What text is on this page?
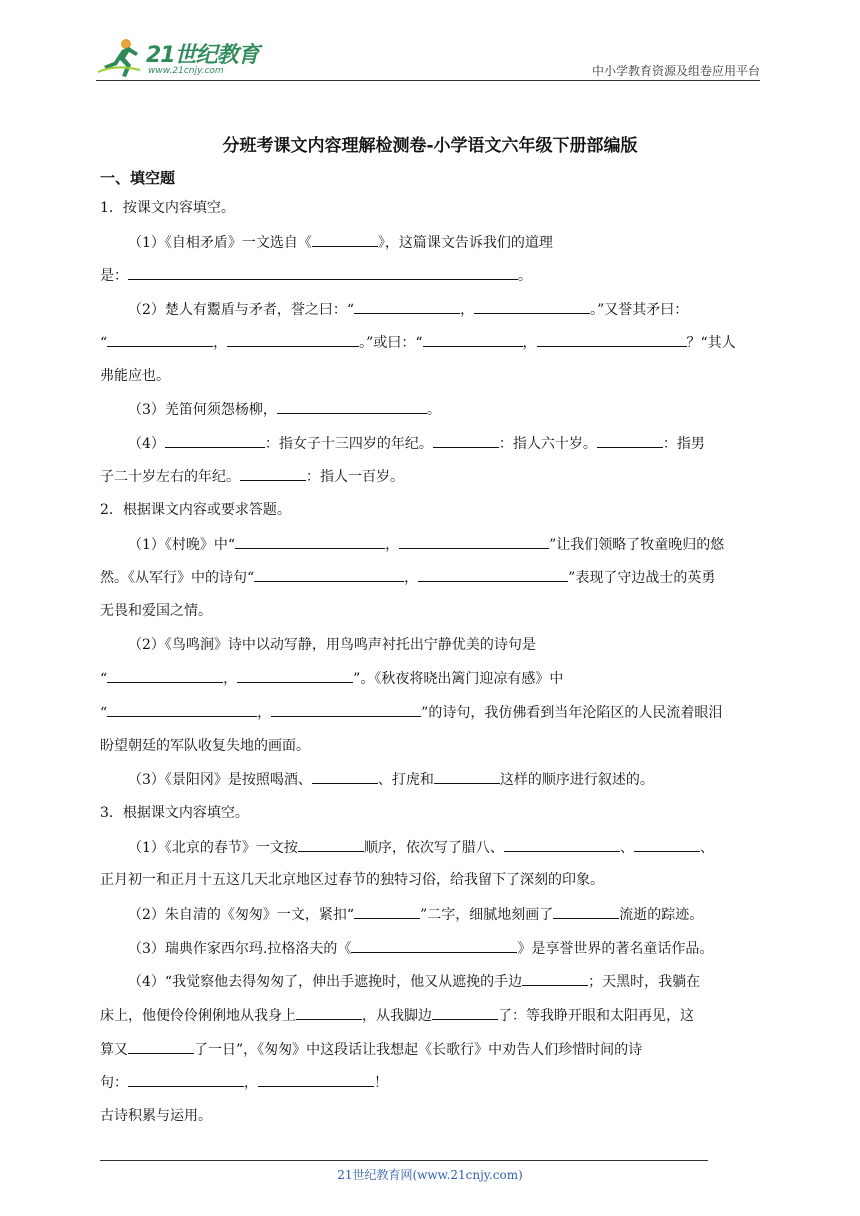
21世纪教育
www.21cnjy.com	中小学教育资源及组卷应用平台
分班考课文内容理解检测卷-小学语文六年级下册部编版
一、填空题
1．按课文内容填空。
（1）《自相矛盾》一文选自《	》，这篇课文告诉我们的道理
是：	。
（2）楚人有鬻盾与矛者，誉之曰：“	，	。”又誉其矛曰：
“	，	。”或曰：“	，	？“其人
弗能应也。
（3）羌笛何须怨杨柳，	。
（4）	：指女子十三四岁的年纪。	：指人六十岁。	：指男
子二十岁左右的年纪。	：指人一百岁。
2．根据课文内容或要求答题。
（1）《村晚》中“	，	”让我们领略了牧童晚归的悠
然。《从军行》中的诗句“	，	”表现了守边战士的英勇
无畏和爱国之情。
（2）《鸟鸣涧》诗中以动写静，用鸟鸣声衬托出宁静优美的诗句是
“	，	”。《秋夜将晓出篱门迎凉有感》中
“	，	”的诗句，我仿佛看到当年沦陷区的人民流着眼泪
盼望朝廷的军队收复失地的画面。
（3）《景阳冈》是按照喝酒、	、打虎和	这样的顺序进行叙述的。
3．根据课文内容填空。
（1）《北京的春节》一文按	顺序，依次写了腊八、	、	、
正月初一和正月十五这几天北京地区过春节的独特习俗，给我留下了深刻的印象。
（2）朱自清的《匆匆》一文，紧扣“	”二字，细腻地刻画了	流逝的踪迹。
（3）瑞典作家西尔玛.拉格洛夫的《	》是享誉世界的著名童话作品。
（4）“我觉察他去得匆匆了，伸出手遮挽时，他又从遮挽的手边	；天黑时，我躺在
床上，他便伶伶俐俐地从我身上	，从我脚边	了：等我睁开眼和太阳再见，这
算又	了一日”，《匆匆》中这段话让我想起《长歌行》中劝告人们珍惜时间的诗
句：	，	！
古诗积累与运用。
21世纪教育网(www.21cnjy.com)
